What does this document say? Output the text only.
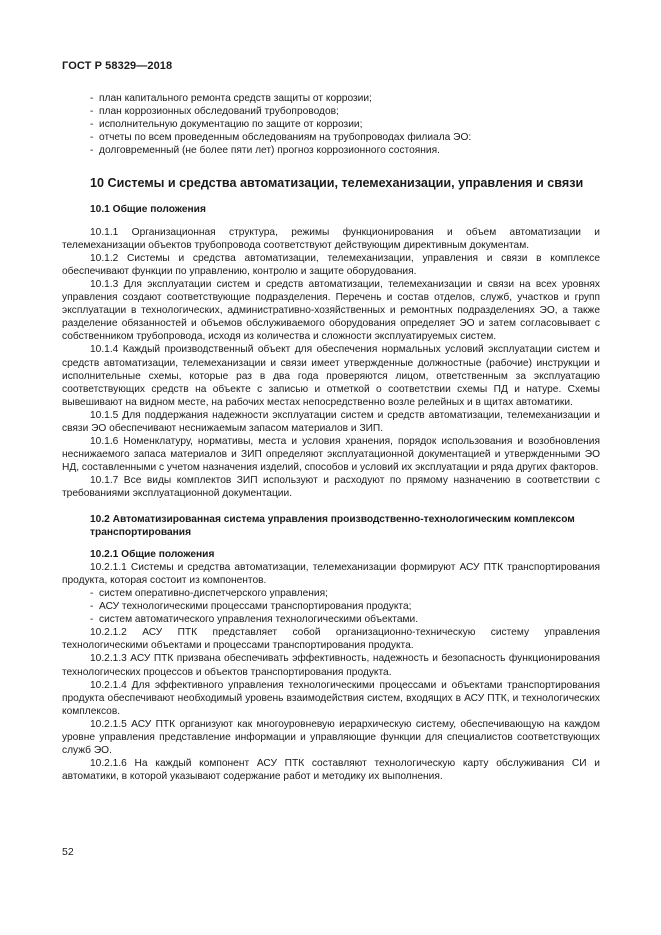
ГОСТ Р 58329—2018
- план капитального ремонта средств защиты от коррозии;
- план коррозионных обследований трубопроводов;
- исполнительную документацию по защите от коррозии;
- отчеты по всем проведенным обследованиям на трубопроводах филиала ЭО:
- долговременный (не более пяти лет) прогноз коррозионного состояния.
10 Системы и средства автоматизации, телемеханизации, управления и связи
10.1 Общие положения

10.1.1 Организационная структура, режимы функционирования и объем автоматизации и телемеханизации объектов трубопровода соответствуют действующим директивным документам.

10.1.2 Системы и средства автоматизации, телемеханизации, управления и связи в комплексе обеспечивают функции по управлению, контролю и защите оборудования.

10.1.3 Для эксплуатации систем и средств автоматизации, телемеханизации и связи на всех уровнях управления создают соответствующие подразделения. Перечень и состав отделов, служб, участков и групп эксплуатации в технологических, административно-хозяйственных и ремонтных подразделениях ЭО, а также разделение обязанностей и объемов обслуживаемого оборудования определяет ЭО и затем согласовывает с собственником трубопровода, исходя из количества и сложности эксплуатируемых систем.

10.1.4 Каждый производственный объект для обеспечения нормальных условий эксплуатации систем и средств автоматизации, телемеханизации и связи имеет утвержденные должностные (рабочие) инструкции и исполнительные схемы, которые раз в два года проверяются лицом, ответственным за эксплуатацию соответствующих средств на объекте с записью и отметкой о соответствии схемы ПД и натуре. Схемы вывешивают на видном месте, на рабочих местах непосредственно возле релейных и в щитах автоматики.

10.1.5 Для поддержания надежности эксплуатации систем и средств автоматизации, телемеханизации и связи ЭО обеспечивают неснижаемым запасом материалов и ЗИП.

10.1.6 Номенклатуру, нормативы, места и условия хранения, порядок использования и возобновления неснижаемого запаса материалов и ЗИП определяют эксплуатационной документацией и утвержденными ЭО НД, составленными с учетом назначения изделий, способов и условий их эксплуатации и ряда других факторов.

10.1.7 Все виды комплектов ЗИП используют и расходуют по прямому назначению в соответствии с требованиями эксплуатационной документации.

10.2 Автоматизированная система управления производственно-технологическим комплексом транспортирования
10.2.1 Общие положения

10.2.1.1 Системы и средства автоматизации, телемеханизации формируют АСУ ПТК транспортирования продукта, которая состоит из компонентов.

- систем оперативно-диспетчерского управления;
- АСУ технологическими процессами транспортирования продукта;
- систем автоматического управления технологическими объектами.

10.2.1.2 АСУ ПТК представляет собой организационно-техническую систему управления технологическими объектами и процессами транспортирования продукта.

10.2.1.3 АСУ ПТК призвана обеспечивать эффективность, надежность и безопасность функционирования технологических процессов и объектов транспортирования продукта.

10.2.1.4 Для эффективного управления технологическими процессами и объектами транспортирования продукта обеспечивают необходимый уровень взаимодействия систем, входящих в АСУ ПТК, и технологических комплексов.

10.2.1.5 АСУ ПТК организуют как многоуровневую иерархическую систему, обеспечивающую на каждом уровне управления представление информации и управляющие функции для специалистов соответствующих служб ЭО.

10.2.1.6 На каждый компонент АСУ ПТК составляют технологическую карту обслуживания СИ и автоматики, в которой указывают содержание работ и методику их выполнения.

52
